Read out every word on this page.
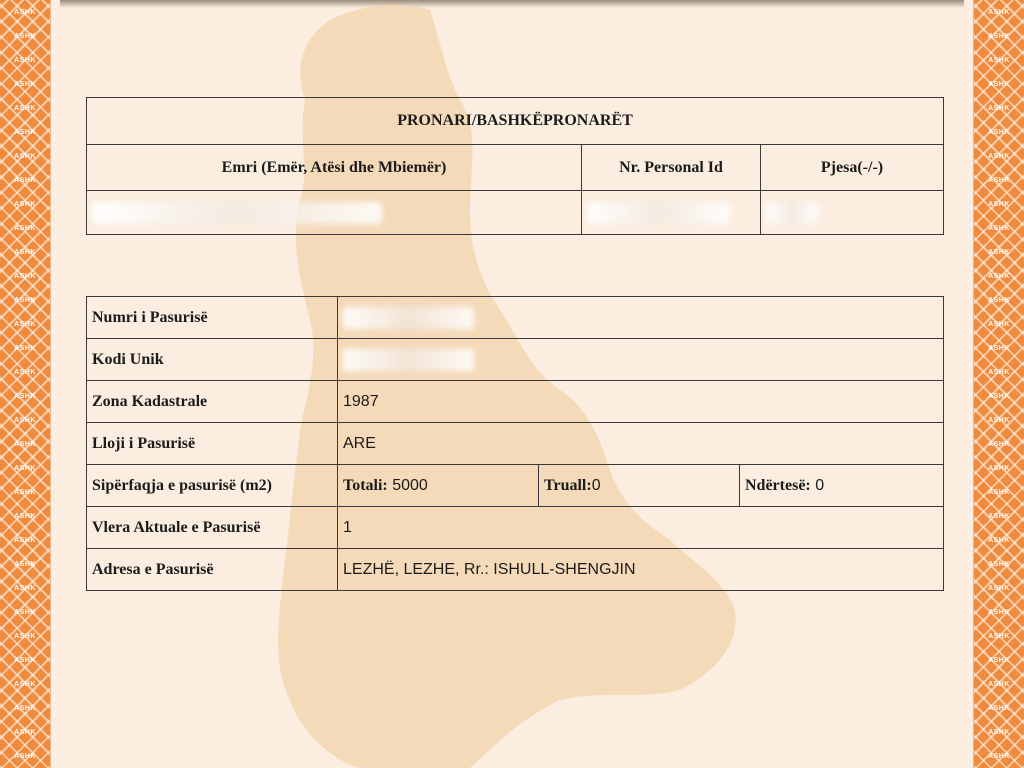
ASHK
ASHK
ASHK
ASHK
ASHK
ASHK
ASHK
ASHK
ASHK
ASHK
ASHK
ASHK
ASHK
ASHK
ASHK
ASHK
ASHK
ASHK
ASHK
ASHK
ASHK
ASHK
ASHK
ASHK
ASHK
ASHK
ASHK
ASHK
ASHK
ASHK
ASHK
ASHK
ASHK
ASHK
ASHK
ASHK
ASHK
ASHK
ASHK
ASHK
ASHK
ASHK
ASHK
ASHK
ASHK
ASHK
ASHK
ASHK
ASHK
ASHK
ASHK
ASHK
ASHK
ASHK
ASHK
ASHK
ASHK
ASHK
ASHK
ASHK
ASHK
ASHK
ASHK
ASHK
PRONARI/BASHKËPRONARËT		
Emri (Emër, Atësi dhe Mbiemër)	Nr. Personal Id	Pjesa(-/-)

Numri i Pasurisë			

Kodi Unik			

Zona Kadastrale	1987		
Lloji i Pasurisë	ARE		
Sipërfaqja e pasurisë (m2)	Totali: 5000	Truall:0	Ndërtesë: 0
Vlera Aktuale e Pasurisë	1		
Adresa e Pasurisë	LEZHË, LEZHE, Rr.: ISHULL-SHENGJIN		
